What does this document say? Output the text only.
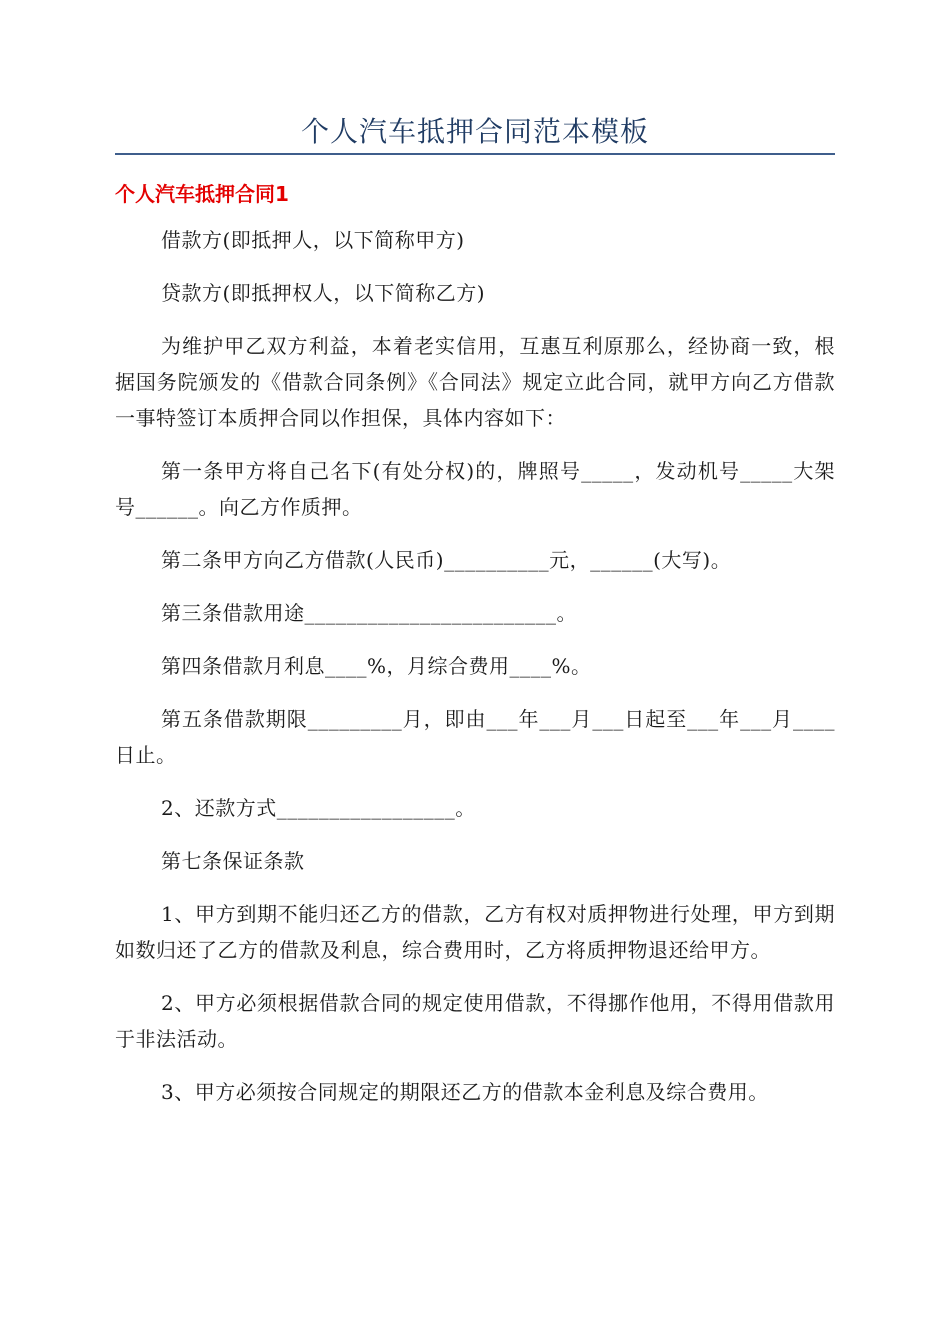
个人汽车抵押合同范本模板
个人汽车抵押合同1

借款方(即抵押人，以下简称甲方)

贷款方(即抵押权人，以下简称乙方)

为维护甲乙双方利益，本着老实信用，互惠互利原那么，经协商一致，根据国务院颁发的《借款合同条例》《合同法》规定立此合同，就甲方向乙方借款一事特签订本质押合同以作担保，具体内容如下：

第一条甲方将自己名下(有处分权)的，牌照号_____，发动机号_____大架号______。向乙方作质押。

第二条甲方向乙方借款(人民币)__________元，______(大写)。

第三条借款用途________________________。

第四条借款月利息____%，月综合费用____%。

第五条借款期限_________月，即由___年___月___日起至___年___月____日止。

2、还款方式_________________。

第七条保证条款

1、甲方到期不能归还乙方的借款，乙方有权对质押物进行处理，甲方到期如数归还了乙方的借款及利息，综合费用时，乙方将质押物退还给甲方。

2、甲方必须根据借款合同的规定使用借款，不得挪作他用，不得用借款用于非法活动。

3、甲方必须按合同规定的期限还乙方的借款本金利息及综合费用。
